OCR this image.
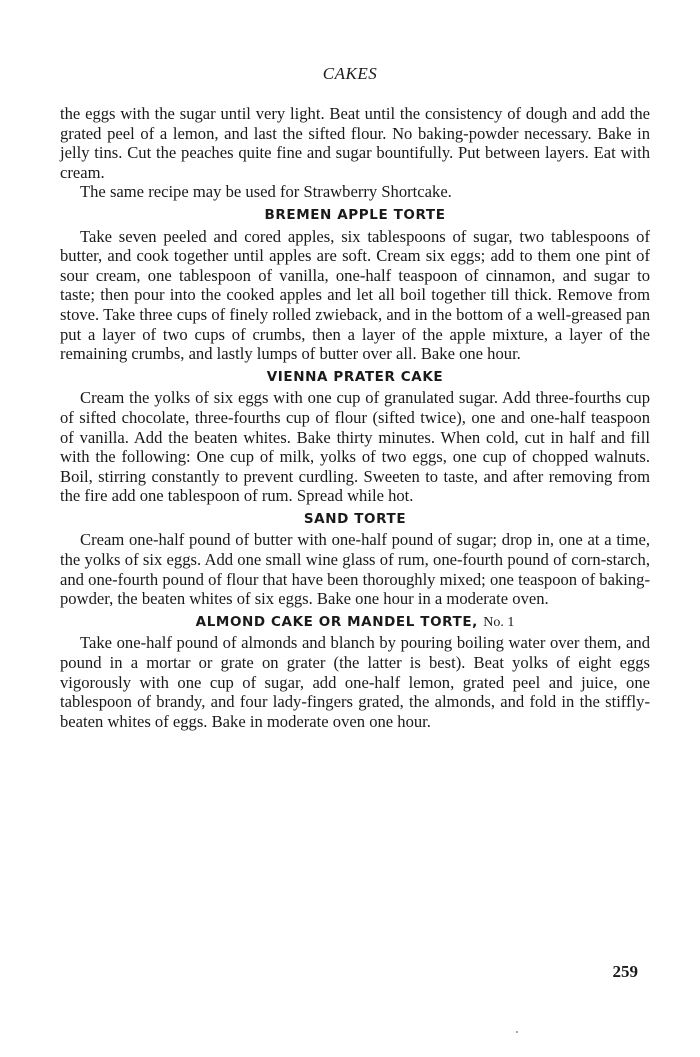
CAKES

the eggs with the sugar until very light. Beat until the consistency of dough and add the grated peel of a lemon, and last the sifted flour. No baking-powder necessary. Bake in jelly tins. Cut the peaches quite fine and sugar bountifully. Put between layers. Eat with cream.

The same recipe may be used for Strawberry Shortcake.

BREMEN APPLE TORTE

Take seven peeled and cored apples, six tablespoons of sugar, two tablespoons of butter, and cook together until apples are soft. Cream six eggs; add to them one pint of sour cream, one tablespoon of vanilla, one-half teaspoon of cinnamon, and sugar to taste; then pour into the cooked apples and let all boil together till thick. Remove from stove. Take three cups of finely rolled zwieback, and in the bottom of a well-greased pan put a layer of two cups of crumbs, then a layer of the apple mixture, a layer of the remaining crumbs, and lastly lumps of butter over all. Bake one hour.

VIENNA PRATER CAKE

Cream the yolks of six eggs with one cup of granulated sugar. Add three-fourths cup of sifted chocolate, three-fourths cup of flour (sifted twice), one and one-half teaspoon of vanilla. Add the beaten whites. Bake thirty minutes. When cold, cut in half and fill with the following: One cup of milk, yolks of two eggs, one cup of chopped walnuts. Boil, stirring constantly to prevent curdling. Sweeten to taste, and after removing from the fire add one tablespoon of rum. Spread while hot.

SAND TORTE

Cream one-half pound of butter with one-half pound of sugar; drop in, one at a time, the yolks of six eggs. Add one small wine glass of rum, one-fourth pound of corn-starch, and one-fourth pound of flour that have been thoroughly mixed; one teaspoon of baking-powder, the beaten whites of six eggs. Bake one hour in a moderate oven.

ALMOND CAKE OR MANDEL TORTE, No. 1

Take one-half pound of almonds and blanch by pouring boiling water over them, and pound in a mortar or grate on grater (the latter is best). Beat yolks of eight eggs vigorously with one cup of sugar, add one-half lemon, grated peel and juice, one tablespoon of brandy, and four lady-fingers grated, the almonds, and fold in the stiffly-beaten whites of eggs. Bake in moderate oven one hour.

259
